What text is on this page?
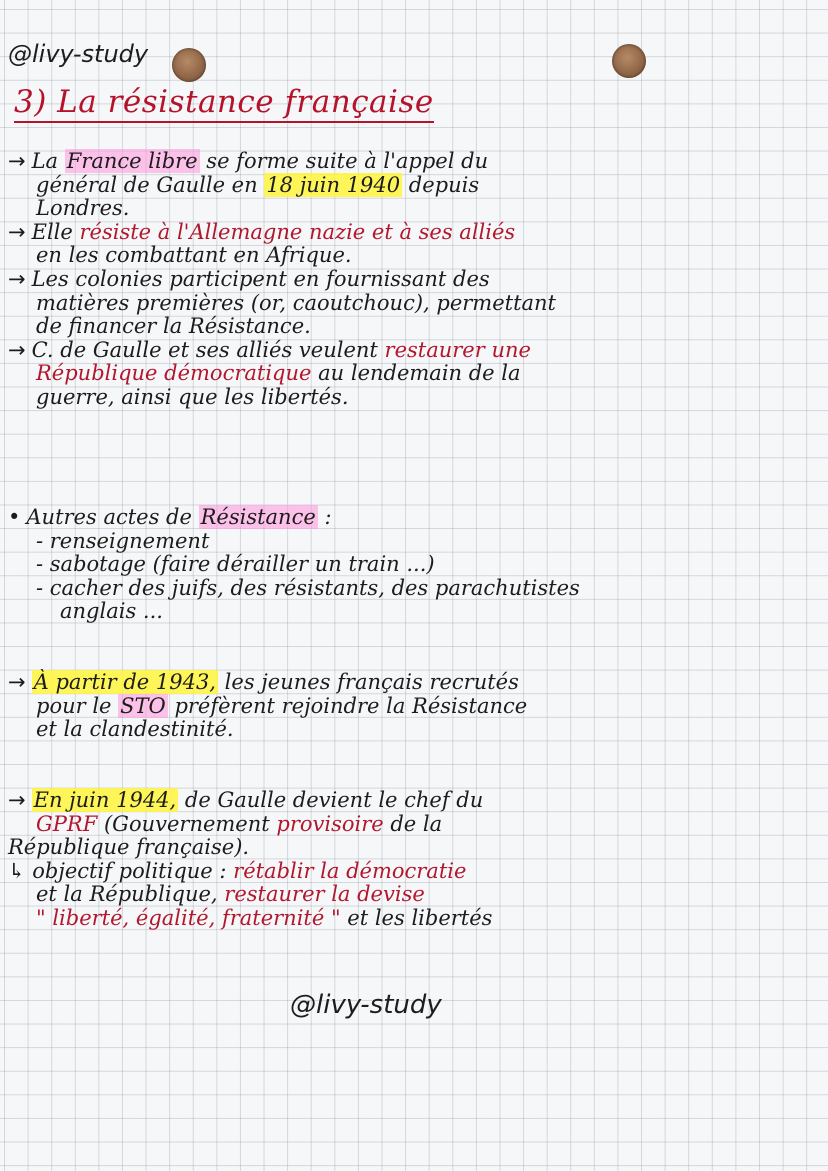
@livy-study
3) La résistance française

→ La France libre se forme suite à l'appel du

général de Gaulle en 18 juin 1940 depuis

Londres.

→ Elle résiste à l'Allemagne nazie et à ses alliés

en les combattant en Afrique.

→ Les colonies participent en fournissant des

matières premières (or, caoutchouc), permettant

de financer la Résistance.

→ C. de Gaulle et ses alliés veulent restaurer une

République démocratique au lendemain de la

guerre, ainsi que les libertés.

• Autres actes de Résistance :

- renseignement

- sabotage (faire dérailler un train ...)

- cacher des juifs, des résistants, des parachutistes

anglais ...

→ À partir de 1943, les jeunes français recrutés

pour le STO préfèrent rejoindre la Résistance

et la clandestinité.

→ En juin 1944, de Gaulle devient le chef du

GPRF (Gouvernement provisoire de la

République française).

↳ objectif politique : rétablir la démocratie

et la République, restaurer la devise

" liberté, égalité, fraternité " et les libertés

@livy-study
